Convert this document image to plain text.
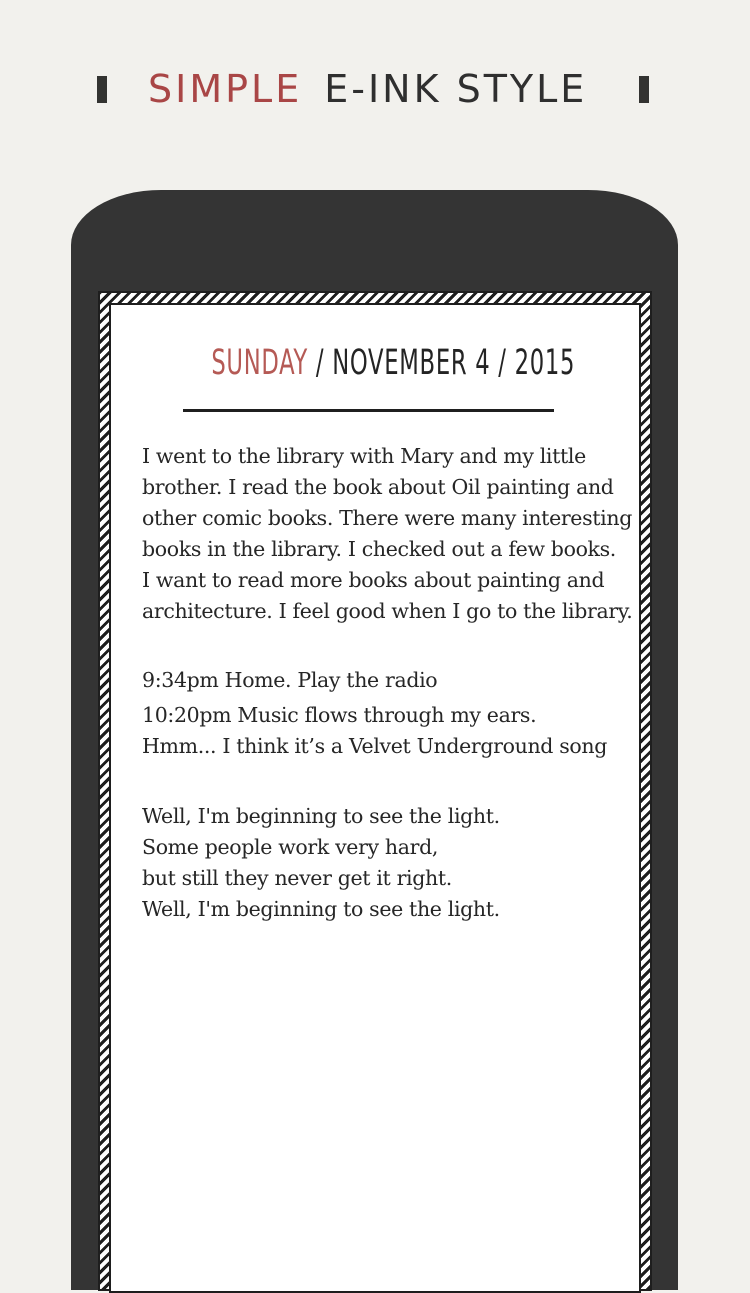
SIMPLE E-INK STYLE
SUNDAY / NOVEMBER 4 / 2015
I went to the library with Mary and my little
brother. I read the book about Oil painting and
other comic books. There were many interesting
books in the library. I checked out a few books.
I want to read more books about painting and
architecture. I feel good when I go to the library.
9:34pm Home. Play the radio
10:20pm Music flows through my ears.
Hmm... I think it’s a Velvet Underground song
Well, I'm beginning to see the light.
Some people work very hard,
but still they never get it right.
Well, I'm beginning to see the light.
